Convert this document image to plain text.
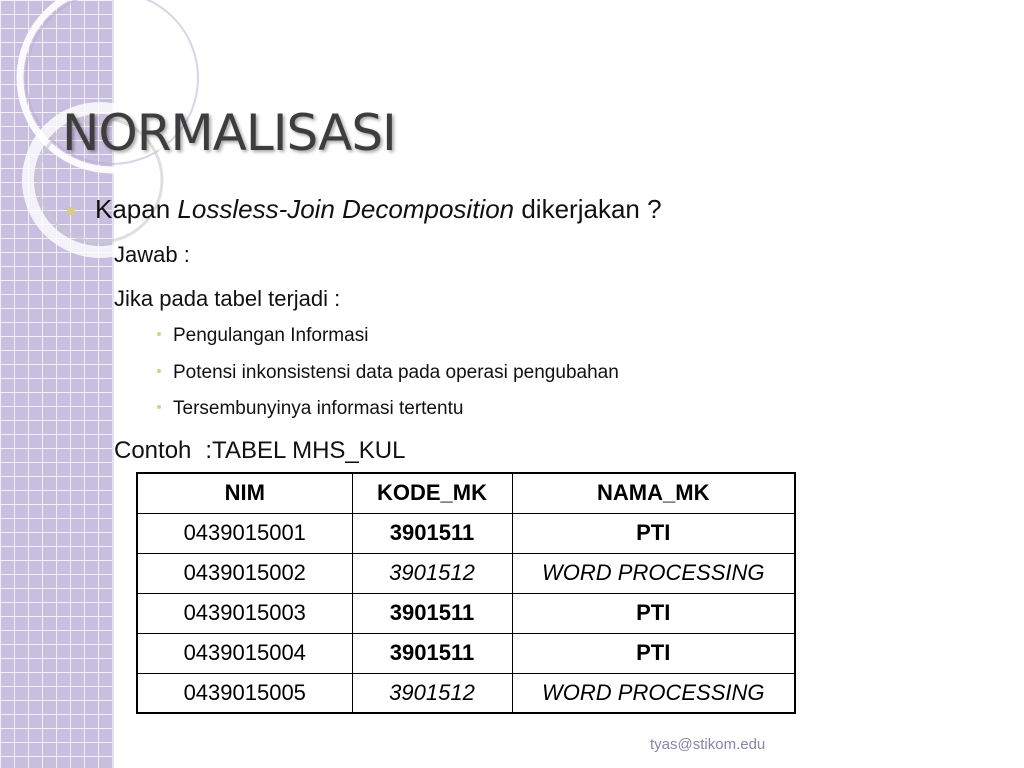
NORMALISASI
Kapan Lossless-Join Decomposition dikerjakan ?
Jawab :
Jika pada tabel terjadi :
Pengulangan Informasi
Potensi inkonsistensi data pada operasi pengubahan
Tersembunyinya informasi tertentu
Contoh :TABEL MHS_KUL
NIM	KODE_MK	NAMA_MK
0439015001	3901511	PTI
0439015002	3901512	WORD PROCESSING
0439015003	3901511	PTI
0439015004	3901511	PTI
0439015005	3901512	WORD PROCESSING
tyas@stikom.edu
